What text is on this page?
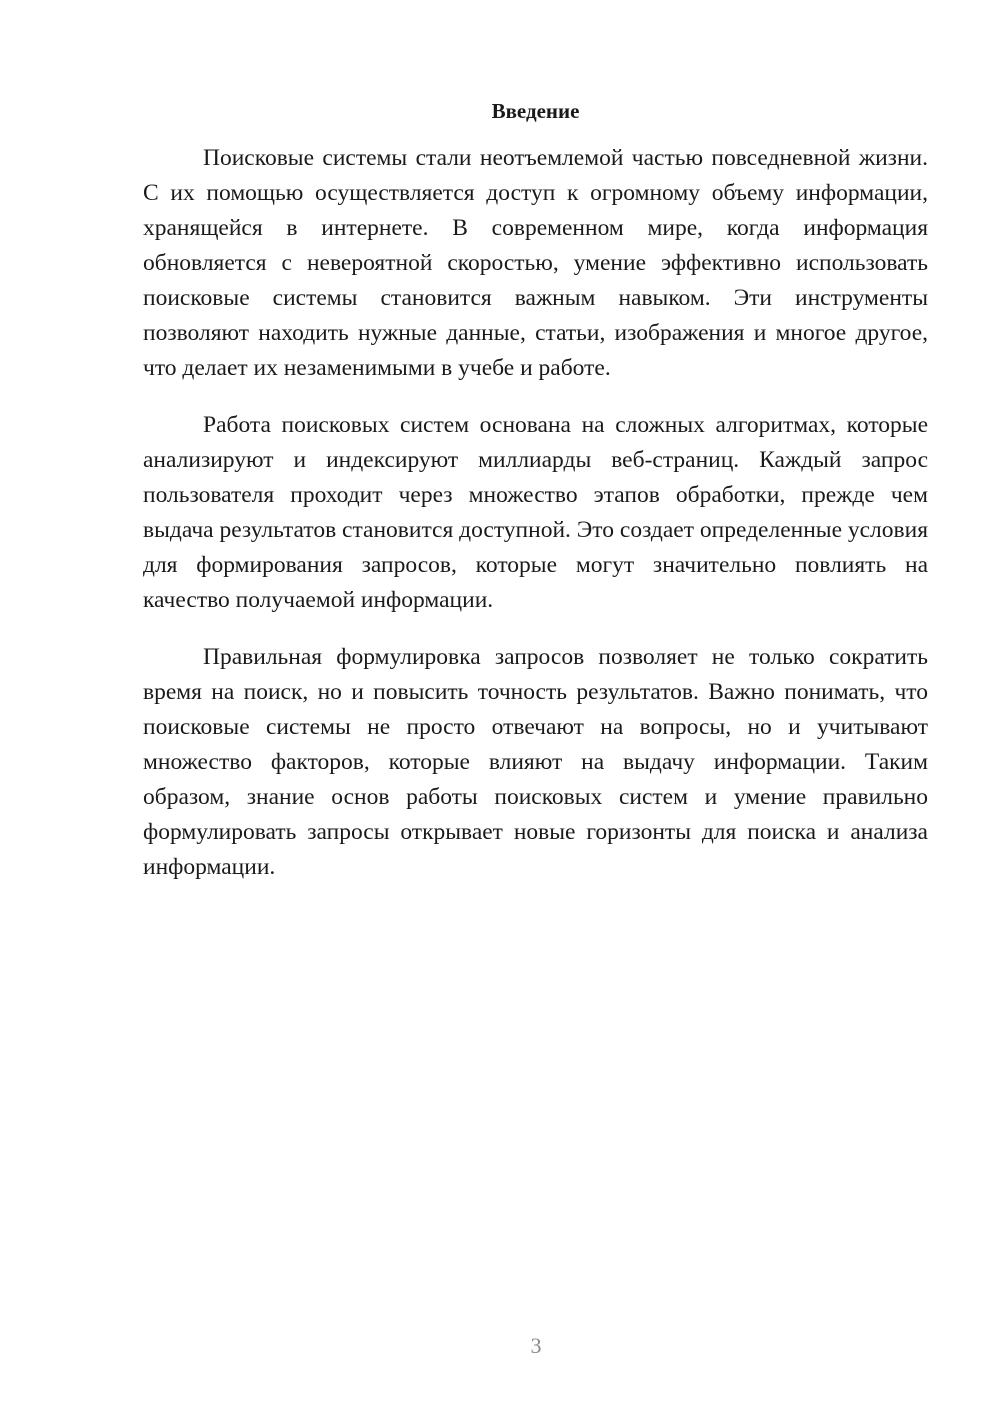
Введение

Поисковые системы стали неотъемлемой частью повседневной жизни. С их помощью осуществляется доступ к огромному объему информации, хранящейся в интернете. В современном мире, когда информация обновляется с невероятной скоростью, умение эффективно использовать поисковые системы становится важным навыком. Эти инструменты позволяют находить нужные данные, статьи, изображения и многое другое, что делает их незаменимыми в учебе и работе.

Работа поисковых систем основана на сложных алгоритмах, которые анализируют и индексируют миллиарды веб-страниц. Каждый запрос пользователя проходит через множество этапов обработки, прежде чем выдача результатов становится доступной. Это создает определенные условия для формирования запросов, которые могут значительно повлиять на качество получаемой информации.

Правильная формулировка запросов позволяет не только сократить время на поиск, но и повысить точность результатов. Важно понимать, что поисковые системы не просто отвечают на вопросы, но и учитывают множество факторов, которые влияют на выдачу информации. Таким образом, знание основ работы поисковых систем и умение правильно формулировать запросы открывает новые горизонты для поиска и анализа информации.

3
